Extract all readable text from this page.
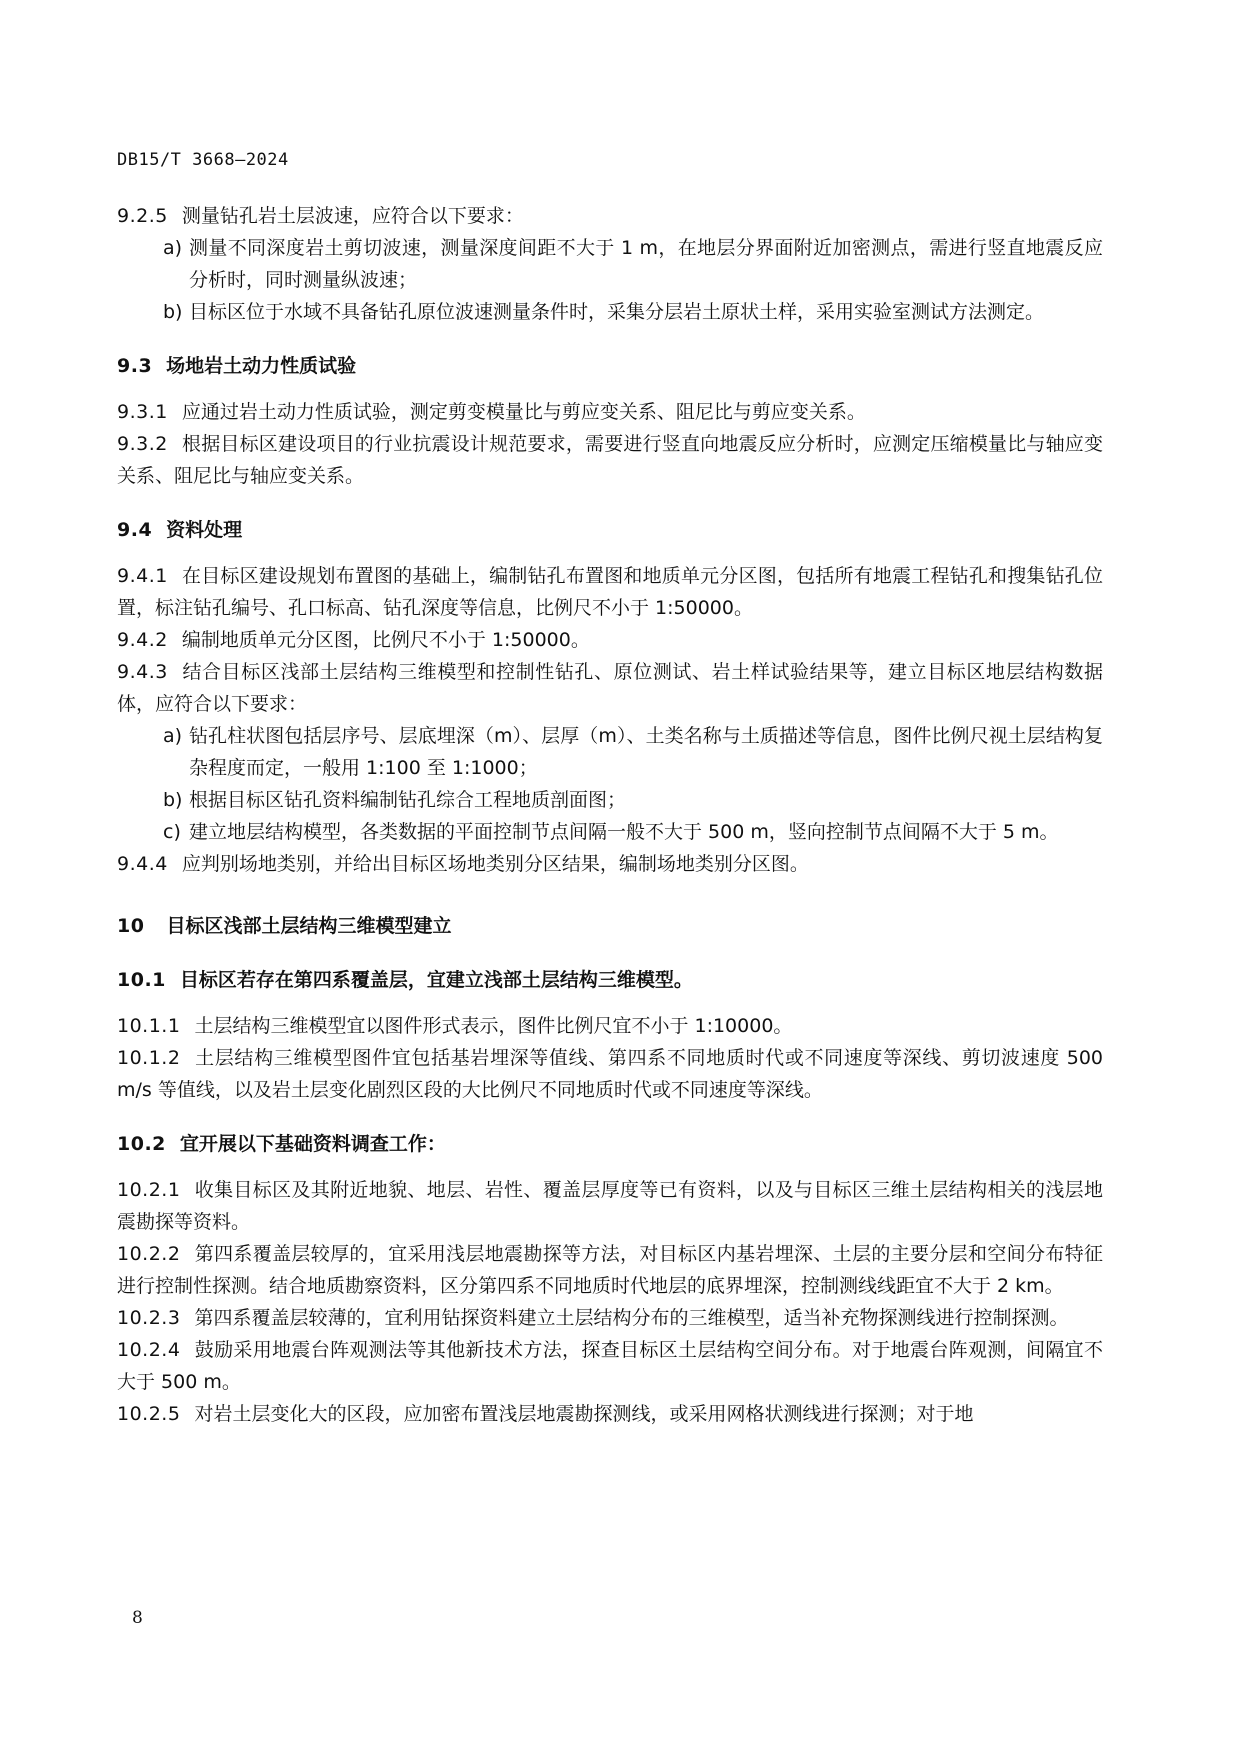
DB15/T 3668—2024

9.2.5 测量钻孔岩土层波速，应符合以下要求：

a) 测量不同深度岩土剪切波速，测量深度间距不大于 1 m，在地层分界面附近加密测点，需进行竖直地震反应分析时，同时测量纵波速；

b) 目标区位于水域不具备钻孔原位波速测量条件时，采集分层岩土原状土样，采用实验室测试方法测定。

9.3 场地岩土动力性质试验

9.3.1 应通过岩土动力性质试验，测定剪变模量比与剪应变关系、阻尼比与剪应变关系。

9.3.2 根据目标区建设项目的行业抗震设计规范要求，需要进行竖直向地震反应分析时，应测定压缩模量比与轴应变关系、阻尼比与轴应变关系。

9.4 资料处理

9.4.1 在目标区建设规划布置图的基础上，编制钻孔布置图和地质单元分区图，包括所有地震工程钻孔和搜集钻孔位置，标注钻孔编号、孔口标高、钻孔深度等信息，比例尺不小于 1:50000。

9.4.2 编制地质单元分区图，比例尺不小于 1:50000。

9.4.3 结合目标区浅部土层结构三维模型和控制性钻孔、原位测试、岩土样试验结果等，建立目标区地层结构数据体，应符合以下要求：

a) 钻孔柱状图包括层序号、层底埋深（m）、层厚（m）、土类名称与土质描述等信息，图件比例尺视土层结构复杂程度而定，一般用 1:100 至 1:1000；

b) 根据目标区钻孔资料编制钻孔综合工程地质剖面图；

c) 建立地层结构模型，各类数据的平面控制节点间隔一般不大于 500 m，竖向控制节点间隔不大于 5 m。

9.4.4 应判别场地类别，并给出目标区场地类别分区结果，编制场地类别分区图。

10 目标区浅部土层结构三维模型建立

10.1 目标区若存在第四系覆盖层，宜建立浅部土层结构三维模型。

10.1.1 土层结构三维模型宜以图件形式表示，图件比例尺宜不小于 1:10000。

10.1.2 土层结构三维模型图件宜包括基岩埋深等值线、第四系不同地质时代或不同速度等深线、剪切波速度 500 m/s 等值线，以及岩土层变化剧烈区段的大比例尺不同地质时代或不同速度等深线。

10.2 宜开展以下基础资料调查工作：

10.2.1 收集目标区及其附近地貌、地层、岩性、覆盖层厚度等已有资料，以及与目标区三维土层结构相关的浅层地震勘探等资料。

10.2.2 第四系覆盖层较厚的，宜采用浅层地震勘探等方法，对目标区内基岩埋深、土层的主要分层和空间分布特征进行控制性探测。结合地质勘察资料，区分第四系不同地质时代地层的底界埋深，控制测线线距宜不大于 2 km。

10.2.3 第四系覆盖层较薄的，宜利用钻探资料建立土层结构分布的三维模型，适当补充物探测线进行控制探测。

10.2.4 鼓励采用地震台阵观测法等其他新技术方法，探查目标区土层结构空间分布。对于地震台阵观测，间隔宜不大于 500 m。

10.2.5 对岩土层变化大的区段，应加密布置浅层地震勘探测线，或采用网格状测线进行探测；对于地

8
